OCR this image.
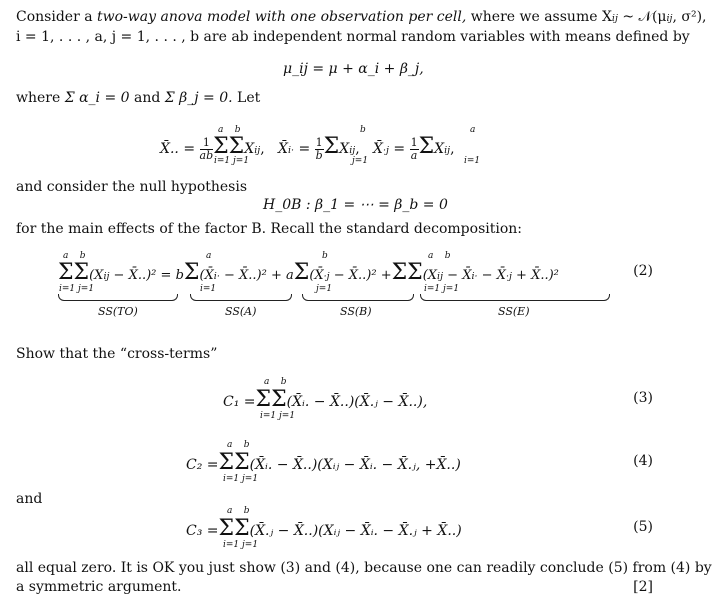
Consider a two-way anova model with one observation per cell, where we assume Xij ~ 𝒩(μij, σ²),
i = 1, . . . , a, j = 1, . . . , b are ab independent normal random variables with means defined by
μ_ij = μ + α_i + β_j,
where Σ α_i = 0 and Σ β_j = 0. Let
X̄.. = $\frac{1}{ab} \Sigma\Sigma Xij$,   X̄i· = $\frac{1}{b} \Sigma Xij$,   X̄·j = $\frac{1}{a} \Sigma Xij$,
a    b
i=1 j=1
b
j=1
a
i=1
and consider the null hypothesis
H_0B : β_1 = ⋯ = β_b = 0
for the main effects of the factor B. Recall the standard decomposition:
ΣΣ(Xij − X̄..)² = bΣ(X̄i· − X̄..)² + aΣ(X̄·j − X̄..)² +ΣΣ(Xij − X̄i· − X̄·j + X̄..)²	(2)
a    b
i=1 j=1
a
i=1
b
j=1
a    b
i=1 j=1
SS(TO)	SS(A)	SS(B)	SS(E)
Show that the “cross-terms”
C₁ =ΣΣ(X̄ᵢ. − X̄..)(X̄.ⱼ − X̄..),
a    b
i=1 j=1
(3)
C₂ =ΣΣ(X̄ᵢ. − X̄..)(Xᵢⱼ − X̄ᵢ. − X̄.ⱼ, +X̄..)
a    b
i=1 j=1
(4)
and
C₃ =ΣΣ(X̄.ⱼ − X̄..)(Xᵢⱼ − X̄ᵢ. − X̄.ⱼ + X̄..)
a    b
i=1 j=1
(5)
all equal zero. It is OK you just show (3) and (4), because one can readily conclude (5) from (4) by
a symmetric argument.	[2]
